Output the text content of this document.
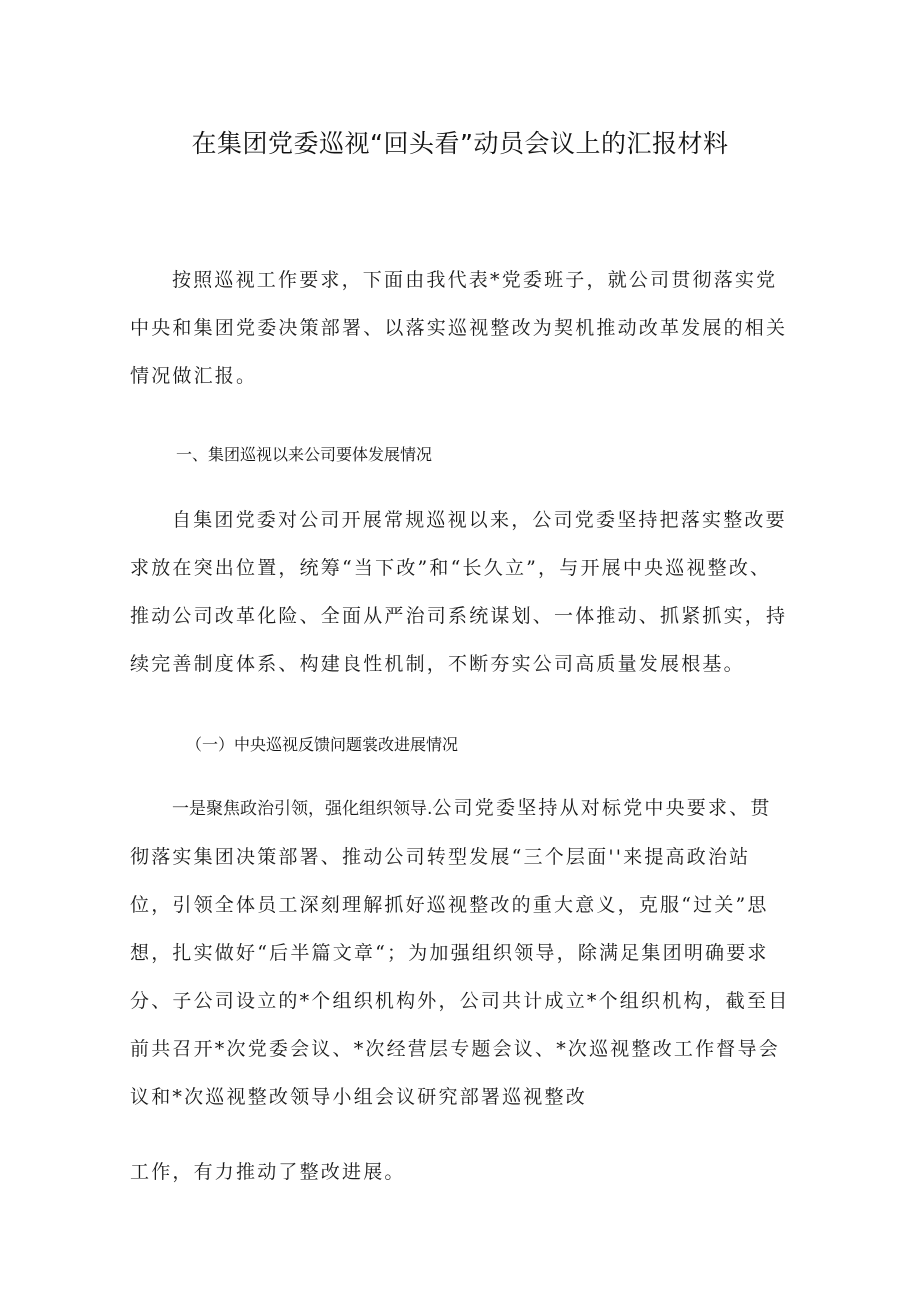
在集团党委巡视“回头看”动员会议上的汇报材料

按照巡视工作要求，下面由我代表*党委班子，就公司贯彻落实党中央和集团党委决策部署、以落实巡视整改为契机推动改革发展的相关情况做汇报。

一、集团巡视以来公司要体发展情况

自集团党委对公司开展常规巡视以来，公司党委坚持把落实整改要求放在突出位置，统筹“当下改”和“长久立”，与开展中央巡视整改、推动公司改革化险、全面从严治司系统谋划、一体推动、抓紧抓实，持续完善制度体系、构建良性机制，不断夯实公司高质量发展根基。

（一）中央巡视反馈问题裳改进展情况

一是聚焦政治引领，强化组织领导.公司党委坚持从对标党中央要求、贯彻落实集团决策部署、推动公司转型发展“三个层面''来提高政治站位，引领全体员工深刻理解抓好巡视整改的重大意义，克服“过关”思想，扎实做好“后半篇文章“；为加强组织领导，除满足集团明确要求分、子公司设立的*个组织机构外，公司共计成立*个组织机构，截至目前共召开*次党委会议、*次经营层专题会议、*次巡视整改工作督导会议和*次巡视整改领导小组会议研究部署巡视整改

工作，有力推动了整改进展。
